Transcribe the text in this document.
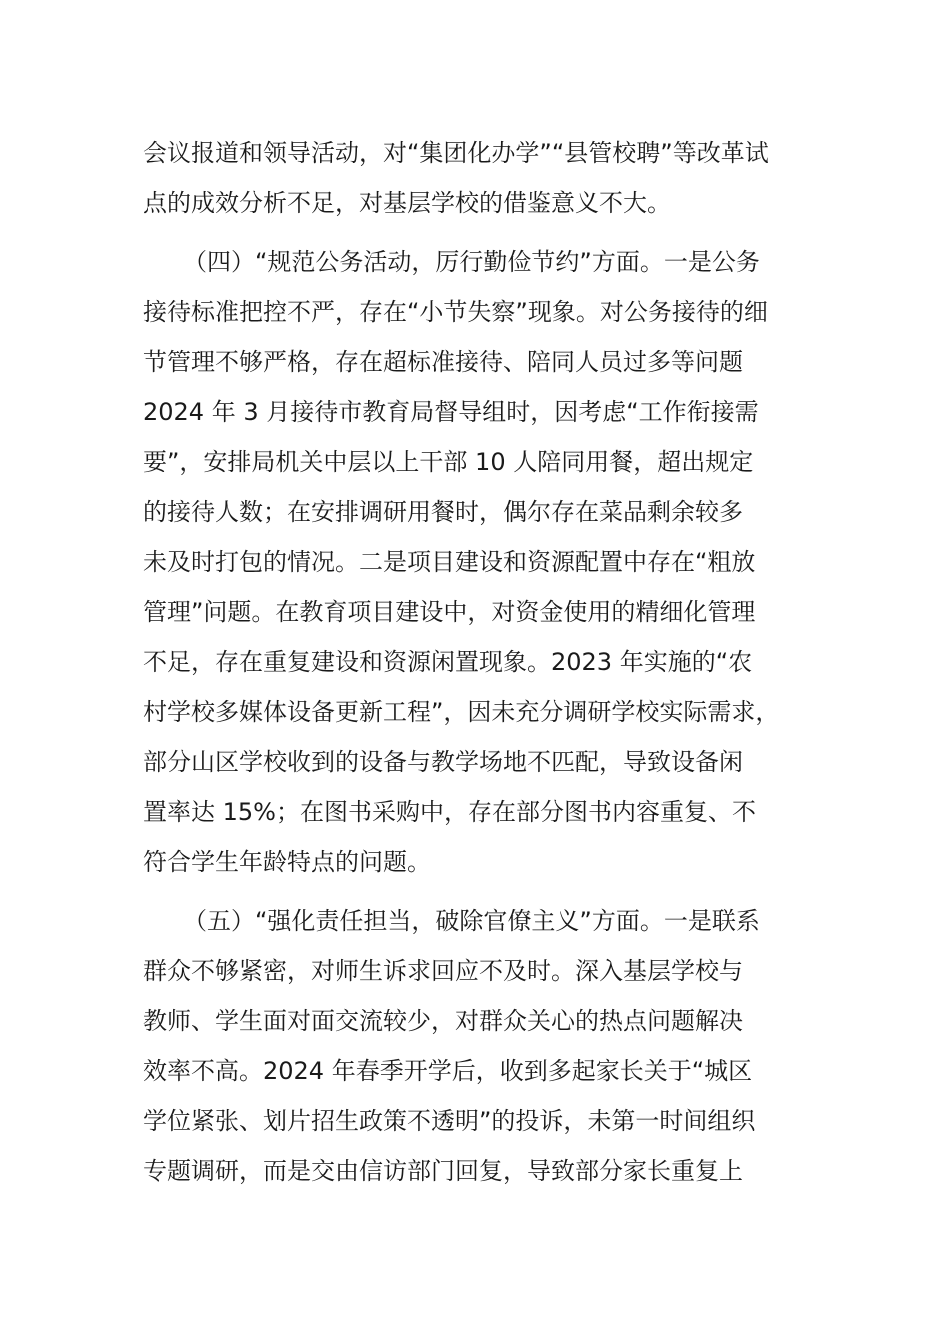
会议报道和领导活动，对“集团化办学”“县管校聘”等改革试
点的成效分析不足，对基层学校的借鉴意义不大。
（四）“规范公务活动，厉行勤俭节约”方面。一是公务
接待标准把控不严，存在“小节失察”现象。对公务接待的细
节管理不够严格，存在超标准接待、陪同人员过多等问题
2024 年 3 月接待市教育局督导组时，因考虑“工作衔接需
要”，安排局机关中层以上干部 10 人陪同用餐，超出规定
的接待人数；在安排调研用餐时，偶尔存在菜品剩余较多
未及时打包的情况。二是项目建设和资源配置中存在“粗放
管理”问题。在教育项目建设中，对资金使用的精细化管理
不足，存在重复建设和资源闲置现象。2023 年实施的“农
村学校多媒体设备更新工程”，因未充分调研学校实际需求，
部分山区学校收到的设备与教学场地不匹配，导致设备闲
置率达 15%；在图书采购中，存在部分图书内容重复、不
符合学生年龄特点的问题。
（五）“强化责任担当，破除官僚主义”方面。一是联系
群众不够紧密，对师生诉求回应不及时。深入基层学校与
教师、学生面对面交流较少，对群众关心的热点问题解决
效率不高。2024 年春季开学后，收到多起家长关于“城区
学位紧张、划片招生政策不透明”的投诉，未第一时间组织
专题调研，而是交由信访部门回复，导致部分家长重复上
